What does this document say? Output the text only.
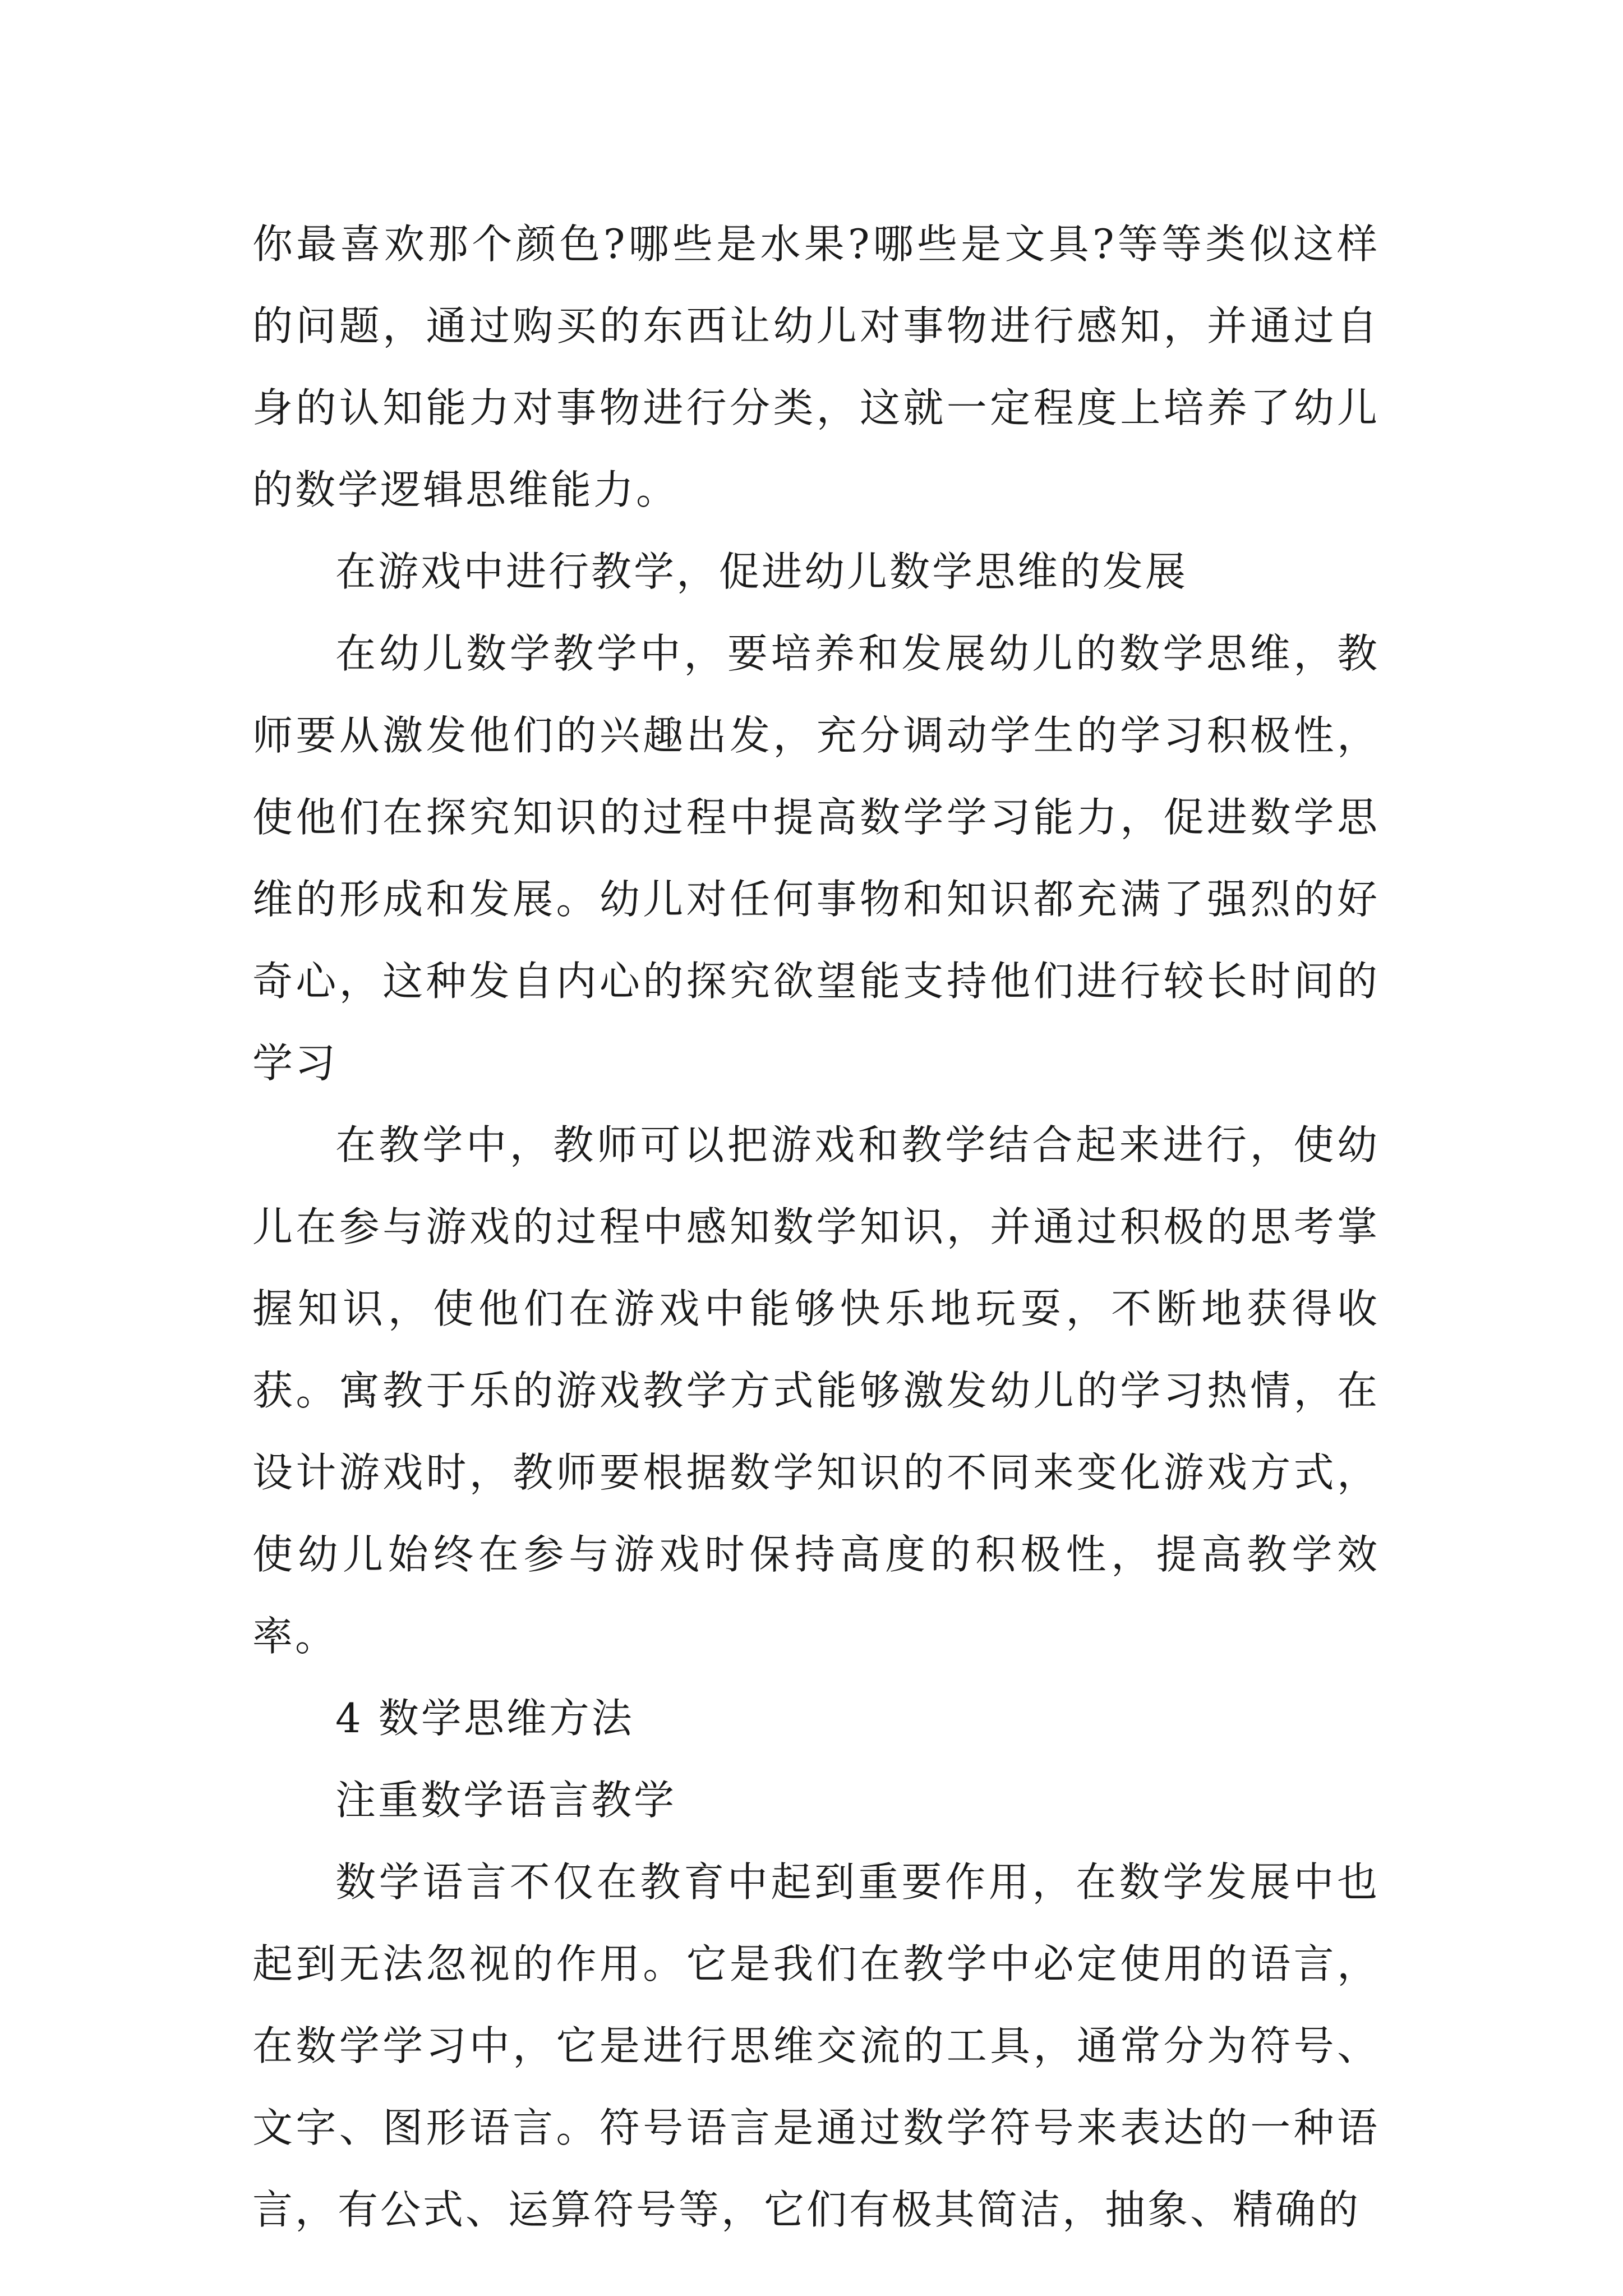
你最喜欢那个颜色?哪些是水果?哪些是文具?等等类似这样的问题，通过购买的东西让幼儿对事物进行感知，并通过自身的认知能力对事物进行分类，这就一定程度上培养了幼儿的数学逻辑思维能力。

在游戏中进行教学，促进幼儿数学思维的发展

在幼儿数学教学中，要培养和发展幼儿的数学思维，教师要从激发他们的兴趣出发，充分调动学生的学习积极性，使他们在探究知识的过程中提高数学学习能力，促进数学思维的形成和发展。幼儿对任何事物和知识都充满了强烈的好奇心，这种发自内心的探究欲望能支持他们进行较长时间的学习

在教学中，教师可以把游戏和教学结合起来进行，使幼儿在参与游戏的过程中感知数学知识，并通过积极的思考掌握知识，使他们在游戏中能够快乐地玩耍，不断地获得收获。寓教于乐的游戏教学方式能够激发幼儿的学习热情，在设计游戏时，教师要根据数学知识的不同来变化游戏方式，使幼儿始终在参与游戏时保持高度的积极性，提高教学效率。

4 数学思维方法

注重数学语言教学

数学语言不仅在教育中起到重要作用，在数学发展中也起到无法忽视的作用。它是我们在教学中必定使用的语言，在数学学习中，它是进行思维交流的工具，通常分为符号、文字、图形语言。符号语言是通过数学符号来表达的一种语言，有公式、运算符号等，它们有极其简洁，抽象、精确的
